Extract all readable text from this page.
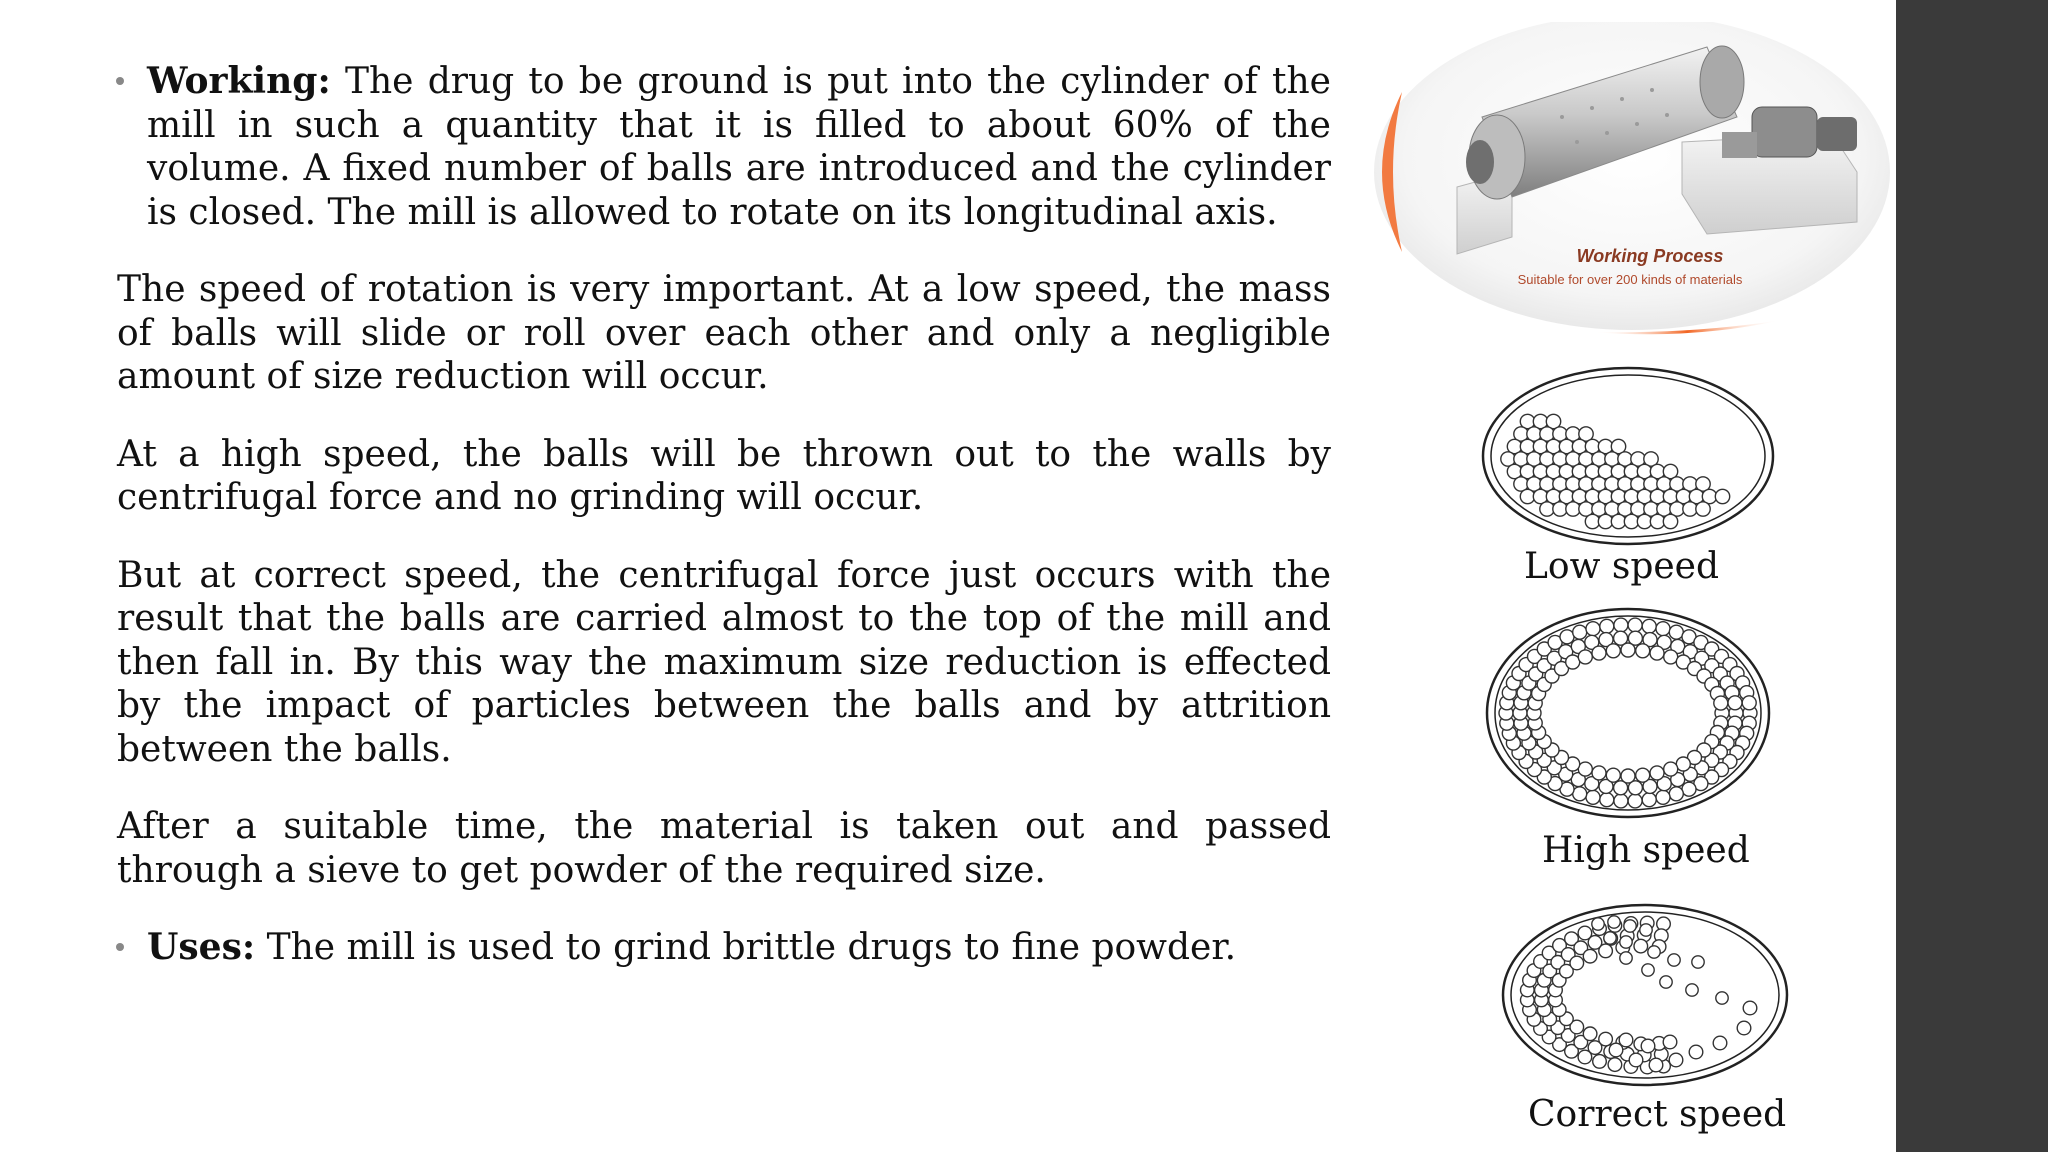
Working: The drug to be ground is put into the cylinder of the mill in such a quantity that it is filled to about 60% of the volume. A fixed number of balls are introduced and the cylinder is closed. The mill is allowed to rotate on its longitudinal axis.

The speed of rotation is very important. At a low speed, the mass of balls will slide or roll over each other and only a negligible amount of size reduction will occur.

At a high speed, the balls will be thrown out to the walls by centrifugal force and no grinding will occur.

But at correct speed, the centrifugal force just occurs with the result that the balls are carried almost to the top of the mill and then fall in. By this way the maximum size reduction is effected by the impact of particles between the balls and by attrition between the balls.

After a suitable time, the material is taken out and passed through a sieve to get powder of the required size.

Uses: The mill is used to grind brittle drugs to fine powder.

Working Process
Suitable for over 200 kinds of materials
Low speed
High speed
Correct speed
